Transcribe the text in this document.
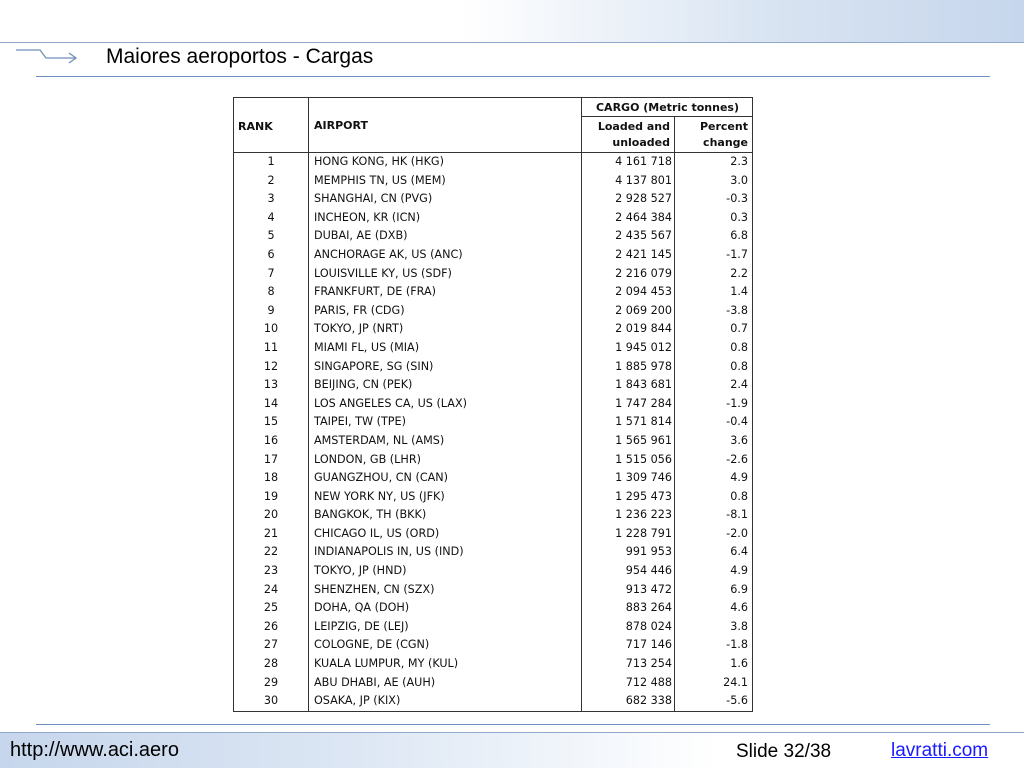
Maiores aeroportos - Cargas
RANK	AIRPORT
CARGO (Metric tonnes)
Loaded and
unloaded
Percent
change
1	HONG KONG, HK (HKG)	4 161 718	2.3
2	MEMPHIS TN, US (MEM)	4 137 801	3.0
3	SHANGHAI, CN (PVG)	2 928 527	-0.3
4	INCHEON, KR (ICN)	2 464 384	0.3
5	DUBAI, AE (DXB)	2 435 567	6.8
6	ANCHORAGE AK, US (ANC)	2 421 145	-1.7
7	LOUISVILLE KY, US (SDF)	2 216 079	2.2
8	FRANKFURT, DE (FRA)	2 094 453	1.4
9	PARIS, FR (CDG)	2 069 200	-3.8
10	TOKYO, JP (NRT)	2 019 844	0.7
11	MIAMI FL, US (MIA)	1 945 012	0.8
12	SINGAPORE, SG (SIN)	1 885 978	0.8
13	BEIJING, CN (PEK)	1 843 681	2.4
14	LOS ANGELES CA, US (LAX)	1 747 284	-1.9
15	TAIPEI, TW (TPE)	1 571 814	-0.4
16	AMSTERDAM, NL (AMS)	1 565 961	3.6
17	LONDON, GB (LHR)	1 515 056	-2.6
18	GUANGZHOU, CN (CAN)	1 309 746	4.9
19	NEW YORK NY, US (JFK)	1 295 473	0.8
20	BANGKOK, TH (BKK)	1 236 223	-8.1
21	CHICAGO IL, US (ORD)	1 228 791	-2.0
22	INDIANAPOLIS IN, US (IND)	991 953	6.4
23	TOKYO, JP (HND)	954 446	4.9
24	SHENZHEN, CN (SZX)	913 472	6.9
25	DOHA, QA (DOH)	883 264	4.6
26	LEIPZIG, DE (LEJ)	878 024	3.8
27	COLOGNE, DE (CGN)	717 146	-1.8
28	KUALA LUMPUR, MY (KUL)	713 254	1.6
29	ABU DHABI, AE (AUH)	712 488	24.1
30	OSAKA, JP (KIX)	682 338	-5.6
http://www.aci.aero	Slide 32/38	lavratti.com
